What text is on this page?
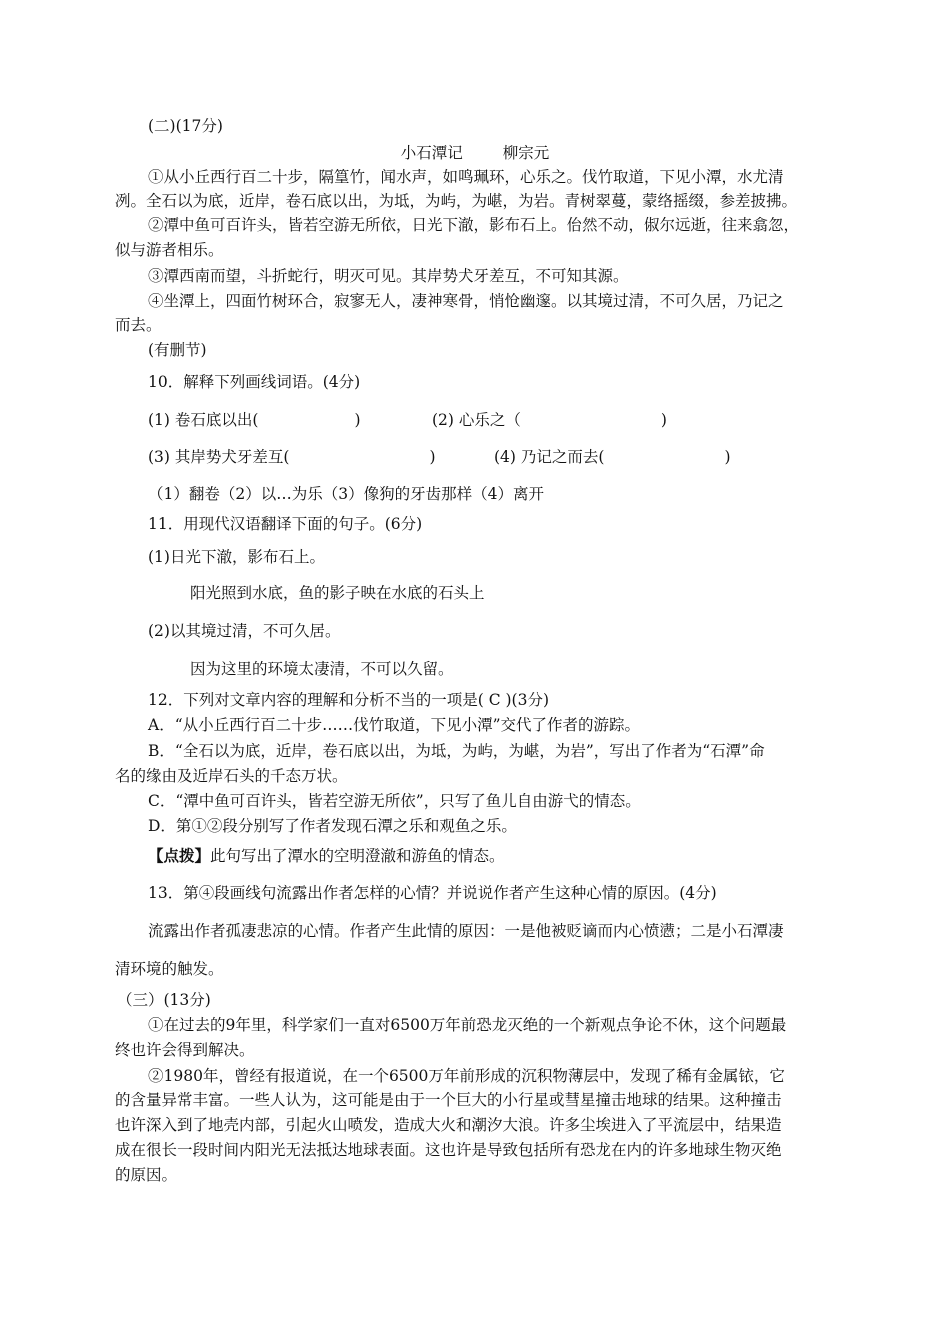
(二)(17分)
小石潭记	柳宗元
①从小丘西行百二十步，隔篁竹，闻水声，如鸣珮环，心乐之。伐竹取道，下见小潭，水尤清
冽。全石以为底，近岸，卷石底以出，为坻，为屿，为嵁，为岩。青树翠蔓，蒙络摇缀，参差披拂。
②潭中鱼可百许头，皆若空游无所依，日光下澈，影布石上。佁然不动，俶尔远逝，往来翕忽，
似与游者相乐。
③潭西南而望，斗折蛇行，明灭可见。其岸势犬牙差互，不可知其源。
④坐潭上，四面竹树环合，寂寥无人，凄神寒骨，悄怆幽邃。以其境过清，不可久居，乃记之
而去。
(有删节)
10．解释下列画线词语。(4分)
(1) 卷石底以出(	)	(2) 心乐之（	)
(3) 其岸势犬牙差互(	)	(4) 乃记之而去(	)
（1）翻卷（2）以…为乐（3）像狗的牙齿那样（4）离开
11．用现代汉语翻译下面的句子。(6分)
(1)日光下澈，影布石上。
阳光照到水底，鱼的影子映在水底的石头上
(2)以其境过清，不可久居。
因为这里的环境太凄清，不可以久留。
12．下列对文章内容的理解和分析不当的一项是( C )(3分)
A．“从小丘西行百二十步……伐竹取道，下见小潭”交代了作者的游踪。
B．“全石以为底，近岸，卷石底以出，为坻，为屿，为嵁，为岩”，写出了作者为“石潭”命
名的缘由及近岸石头的千态万状。
C．“潭中鱼可百许头，皆若空游无所依”，只写了鱼儿自由游弋的情态。
D．第①②段分别写了作者发现石潭之乐和观鱼之乐。
【点拨】此句写出了潭水的空明澄澈和游鱼的情态。
13．第④段画线句流露出作者怎样的心情？并说说作者产生这种心情的原因。(4分)
流露出作者孤凄悲凉的心情。作者产生此情的原因：一是他被贬谪而内心愤懑；二是小石潭凄
清环境的触发。
（三）(13分)
①在过去的9年里，科学家们一直对6500万年前恐龙灭绝的一个新观点争论不休，这个问题最
终也许会得到解决。
②1980年，曾经有报道说，在一个6500万年前形成的沉积物薄层中，发现了稀有金属铱，它
的含量异常丰富。一些人认为，这可能是由于一个巨大的小行星或彗星撞击地球的结果。这种撞击
也许深入到了地壳内部，引起火山喷发，造成大火和潮汐大浪。许多尘埃进入了平流层中，结果造
成在很长一段时间内阳光无法抵达地球表面。这也许是导致包括所有恐龙在内的许多地球生物灭绝
的原因。
